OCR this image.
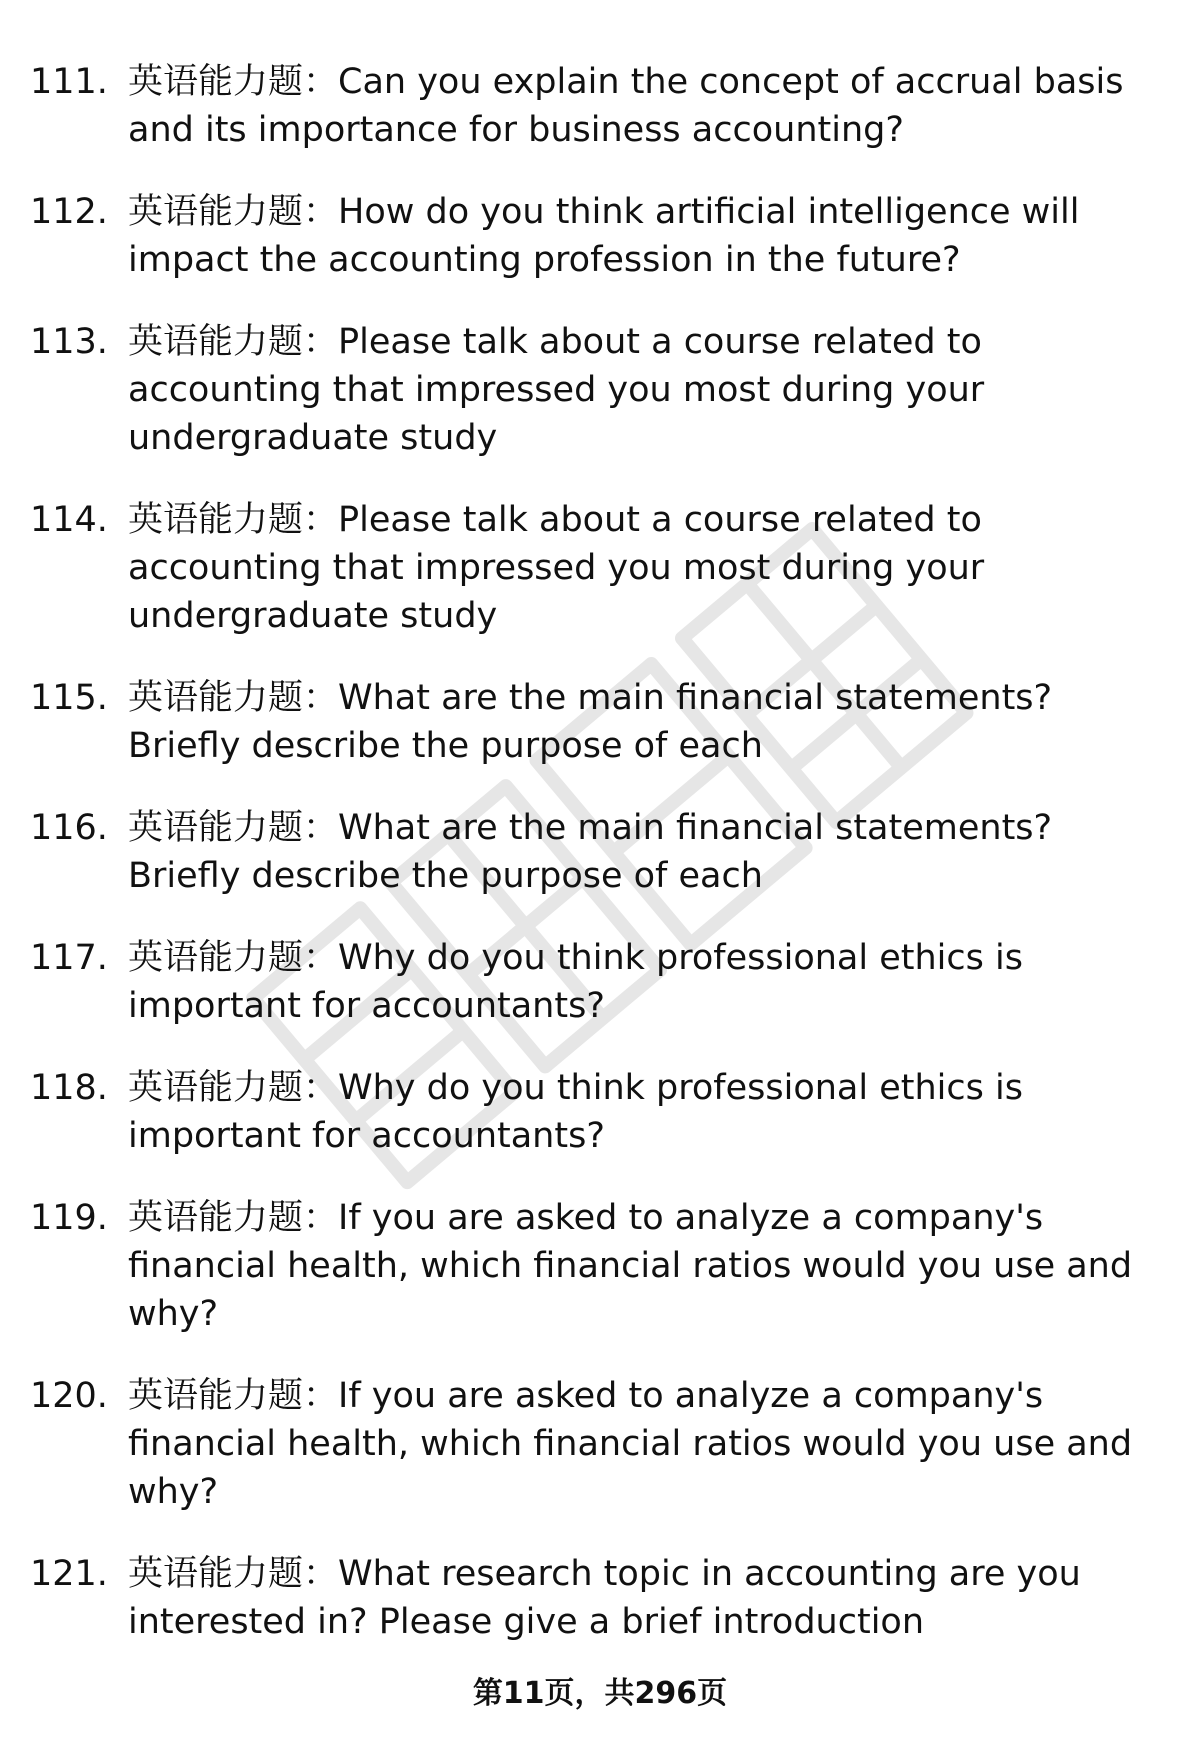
111. 英语能力题：Can you explain the concept of accrual basis and its importance for business accounting?
112. 英语能力题：How do you think artificial intelligence will impact the accounting profession in the future?
113. 英语能力题：Please talk about a course related to accounting that impressed you most during your undergraduate study
114. 英语能力题：Please talk about a course related to accounting that impressed you most during your undergraduate study
115. 英语能力题：What are the main financial statements? Briefly describe the purpose of each
116. 英语能力题：What are the main financial statements? Briefly describe the purpose of each
117. 英语能力题：Why do you think professional ethics is important for accountants?
118. 英语能力题：Why do you think professional ethics is important for accountants?
119. 英语能力题：If you are asked to analyze a company's financial health, which financial ratios would you use and why?
120. 英语能力题：If you are asked to analyze a company's financial health, which financial ratios would you use and why?
121. 英语能力题：What research topic in accounting are you interested in? Please give a brief introduction
第11页，共296页
